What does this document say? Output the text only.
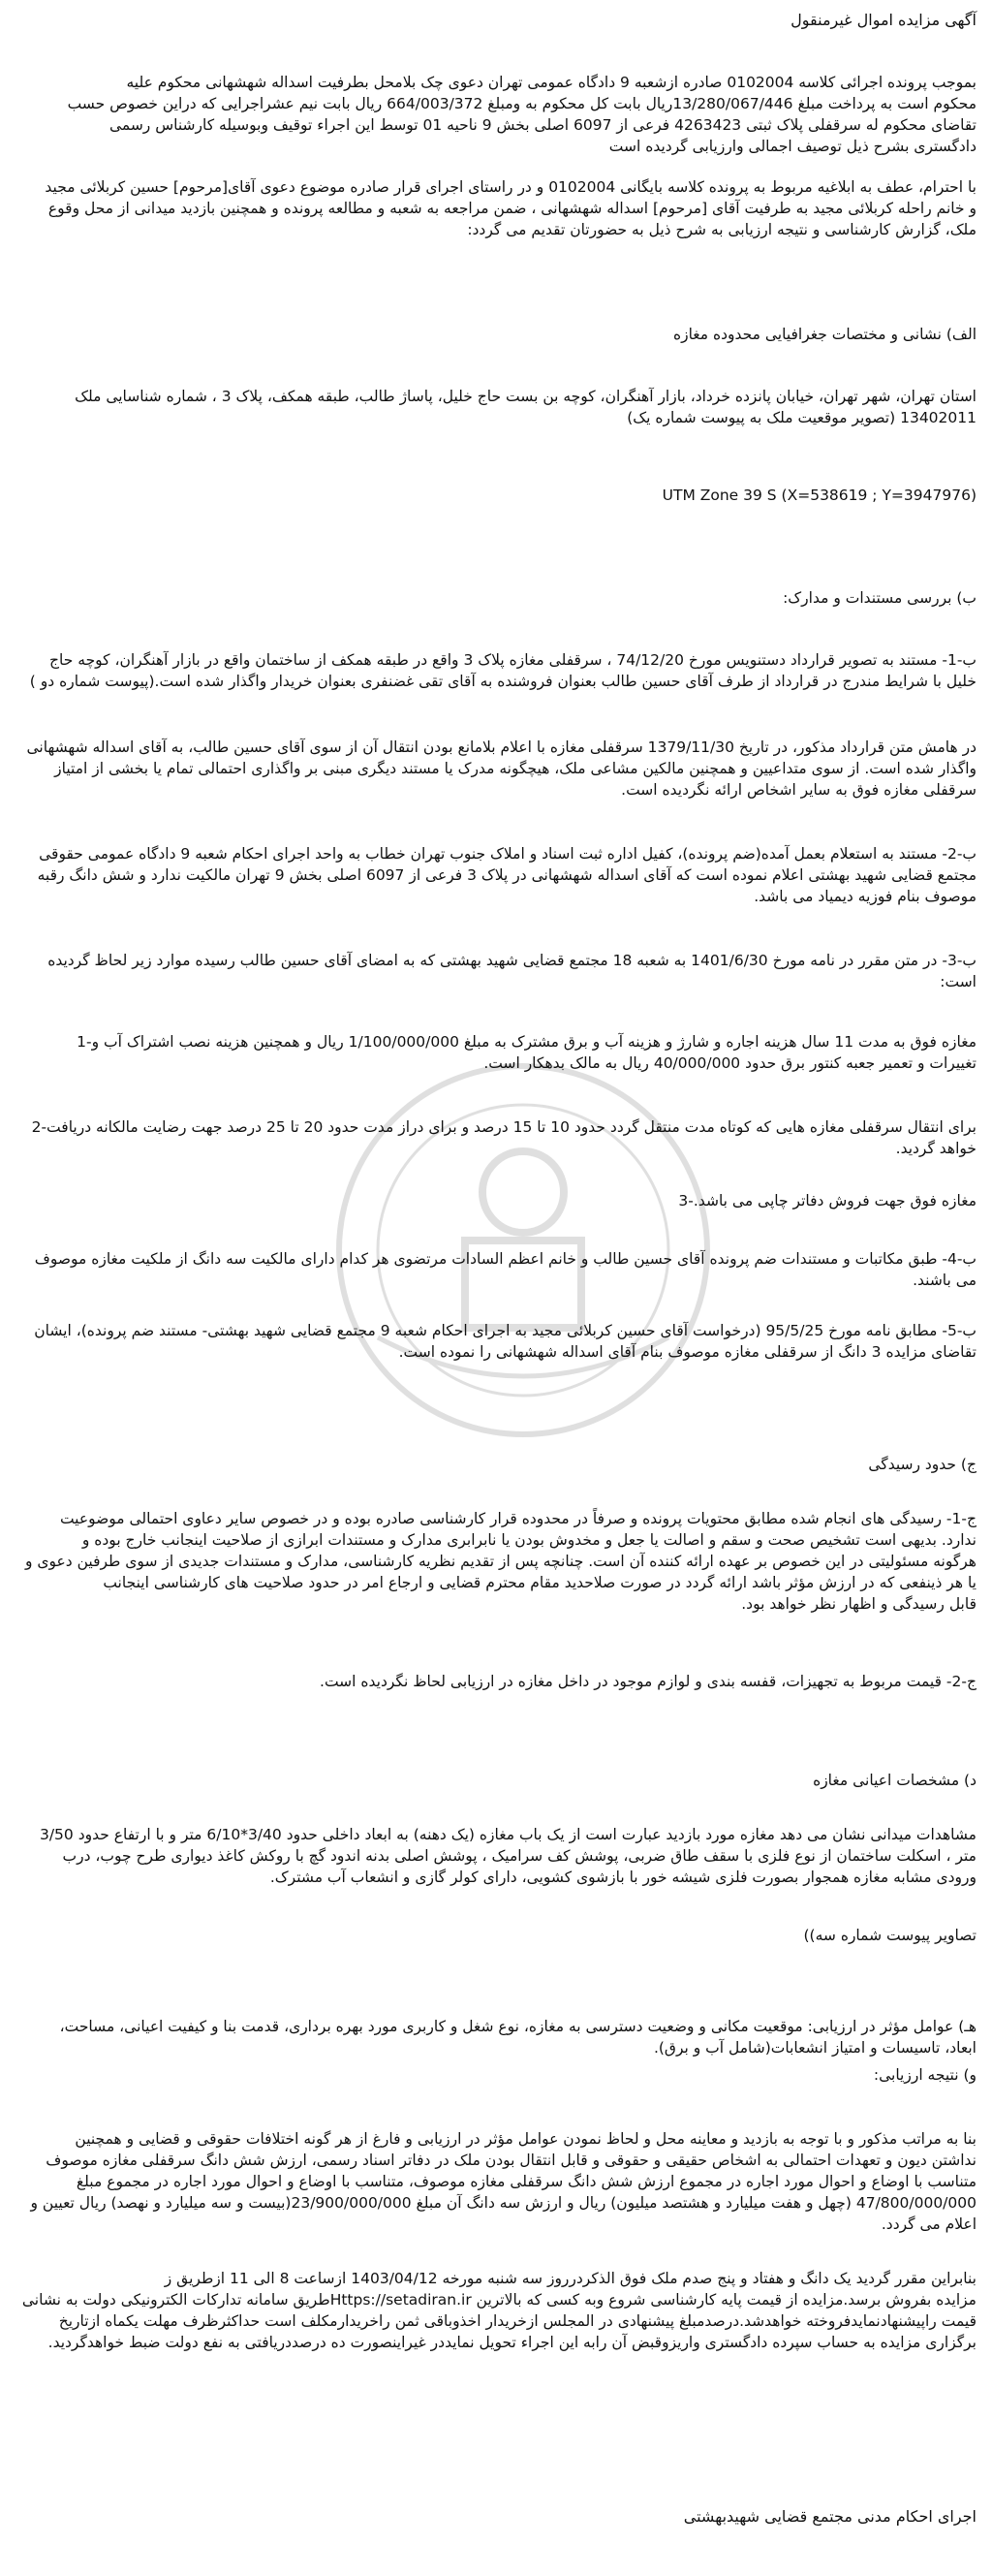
آگهی مزایده اموال غیرمنقول
بموجب پرونده اجرائی کلاسه 0102004 صادره ازشعبه 9 دادگاه عمومی تهران دعوی چک بلامحل بطرفیت اسداله شهشهانی محکوم علیه
محکوم است به پرداخت مبلغ 13/280/067/446ریال بابت کل محکوم به ومبلغ 664/003/372 ریال بابت نیم عشراجرایی که دراین خصوص حسب
تقاضای محکوم له سرقفلی پلاک ثبتی 4263423 فرعی از 6097 اصلی بخش 9 ناحیه 01 توسط این اجراء توقیف وبوسیله کارشناس رسمی
دادگستری بشرح ذیل توصیف اجمالی وارزیابی گردیده است
با احترام، عطف به ابلاغیه مربوط به پرونده کلاسه بایگانی 0102004 و در راستای اجرای قرار صادره موضوع دعوی آقای[مرحوم] حسین کربلائی مجید
و خانم راحله کربلائی مجید به طرفیت آقای [مرحوم] اسداله شهشهانی ، ضمن مراجعه به شعبه و مطالعه پرونده و همچنین بازدید میدانی از محل وقوع
ملک، گزارش کارشناسی و نتیجه ارزیابی به شرح ذیل به حضورتان تقدیم می گردد:
الف) نشانی و مختصات جغرافیایی محدوده مغازه
استان تهران، شهر تهران، خیابان پانزده خرداد، بازار آهنگران، کوچه بن بست حاج خلیل، پاساژ طالب، طبقه همکف، پلاک 3 ، شماره شناسایی ملک
13402011 (تصویر موقعیت ملک به پیوست شماره یک)
UTM Zone 39 S (X=538619 ; Y=3947976)
ب) بررسی مستندات و مدارک:
ب-1- مستند به تصویر قرارداد دستنویس مورخ 74/12/20 ، سرقفلی مغازه پلاک 3 واقع در طبقه همکف از ساختمان واقع در بازار آهنگران، کوچه حاج
خلیل با شرایط مندرج در قرارداد از طرف آقای حسین طالب بعنوان فروشنده به آقای تقی غضنفری بعنوان خریدار واگذار شده است.(پیوست شماره دو )
در هامش متن قرارداد مذکور، در تاریخ 1379/11/30 سرقفلی مغازه با اعلام بلامانع بودن انتقال آن از سوی آقای حسین طالب، به آقای اسداله شهشهانی
واگذار شده است. از سوی متداعیین و همچنین مالکین مشاعی ملک، هیچگونه مدرک یا مستند دیگری مبنی بر واگذاری احتمالی تمام یا بخشی از امتیاز
سرقفلی مغازه فوق به سایر اشخاص ارائه نگردیده است.
ب-2- مستند به استعلام بعمل آمده(ضم پرونده)، کفیل اداره ثبت اسناد و املاک جنوب تهران خطاب به واحد اجرای احکام شعبه 9 دادگاه عمومی حقوقی
مجتمع قضایی شهید بهشتی اعلام نموده است که آقای اسداله شهشهانی در پلاک 3 فرعی از 6097 اصلی بخش 9 تهران مالکیت ندارد و شش دانگ رقبه
موصوف بنام فوزیه دیمیاد می باشد.
ب-3- در متن مقرر در نامه مورخ 1401/6/30 به شعبه 18 مجتمع قضایی شهید بهشتی که به امضای آقای حسین طالب رسیده موارد زیر لحاظ گردیده
است:
مغازه فوق به مدت 11 سال هزینه اجاره و شارژ و هزینه آب و برق مشترک به مبلغ 1/100/000/000 ریال و همچنین هزینه نصب اشتراک آب و-1
تغییرات و تعمیر جعبه کنتور برق حدود 40/000/000 ریال به مالک بدهکار است.
برای انتقال سرقفلی مغازه هایی که کوتاه مدت منتقل گردد حدود 10 تا 15 درصد و برای دراز مدت حدود 20 تا 25 درصد جهت رضایت مالکانه دریافت-2
خواهد گردید.
مغازه فوق جهت فروش دفاتر چاپی می باشد.-3
ب-4- طبق مکاتبات و مستندات ضم پرونده آقای حسین طالب و خانم اعظم السادات مرتضوی هر کدام دارای مالکیت سه دانگ از ملکیت مغازه موصوف
می باشند.
ب-5- مطابق نامه مورخ 95/5/25 (درخواست آقای حسین کربلائی مجید به اجرای احکام شعبه 9 مجتمع قضایی شهید بهشتی- مستند ضم پرونده)، ایشان
تقاضای مزایده 3 دانگ از سرقفلی مغازه موصوف بنام آقای اسداله شهشهانی را نموده است.
ج) حدود رسیدگی
ج-1- رسیدگی های انجام شده مطابق محتویات پرونده و صرفاً در محدوده قرار کارشناسی صادره بوده و در خصوص سایر دعاوی احتمالی موضوعیت
ندارد. بدیهی است تشخیص صحت و سقم و اصالت یا جعل و مخدوش بودن یا نابرابری مدارک و مستندات ابرازی از صلاحیت اینجانب خارج بوده و
هرگونه مسئولیتی در این خصوص بر عهده ارائه کننده آن است. چنانچه پس از تقدیم نظریه کارشناسی، مدارک و مستندات جدیدی از سوی طرفین دعوی و
یا هر ذینفعی که در ارزش مؤثر باشد ارائه گردد در صورت صلاحدید مقام محترم قضایی و ارجاع امر در حدود صلاحیت های کارشناسی اینجانب
قابل رسیدگی و اظهار نظر خواهد بود.
ج-2- قیمت مربوط به تجهیزات، قفسه بندی و لوازم موجود در داخل مغازه در ارزیابی لحاظ نگردیده است.
د) مشخصات اعیانی مغازه
مشاهدات میدانی نشان می دهد مغازه مورد بازدید عبارت است از یک باب مغازه (یک دهنه) به ابعاد داخلی حدود 3/40*6/10 متر و با ارتفاع حدود 3/50
متر ، اسکلت ساختمان از نوع فلزی با سقف طاق ضربی، پوشش کف سرامیک ، پوشش اصلی بدنه اندود گچ با روکش کاغذ دیواری طرح چوب، درب
ورودی مشابه مغازه همجوار بصورت فلزی شیشه خور با بازشوی کشویی، دارای کولر گازی و انشعاب آب مشترک.
تصاویر پیوست شماره سه))
هـ) عوامل مؤثر در ارزیابی: موقعیت مکانی و وضعیت دسترسی به مغازه، نوع شغل و کاربری مورد بهره برداری، قدمت بنا و کیفیت اعیانی، مساحت،
ابعاد، تاسیسات و امتیاز انشعابات(شامل آب و برق).
و) نتیجه ارزیابی:
بنا به مراتب مذکور و با توجه به بازدید و معاینه محل و لحاظ نمودن عوامل مؤثر در ارزیابی و فارغ از هر گونه اختلافات حقوقی و قضایی و همچنین
نداشتن دیون و تعهدات احتمالی به اشخاص حقیقی و حقوقی و قابل انتقال بودن ملک در دفاتر اسناد رسمی، ارزش شش دانگ سرقفلی مغازه موصوف
متناسب با اوضاع و احوال مورد اجاره در مجموع ارزش شش دانگ سرقفلی مغازه موصوف، متناسب با اوضاع و احوال مورد اجاره در مجموع مبلغ
47/800/000/000 (چهل و هفت میلیارد و هشتصد میلیون) ریال و ارزش سه دانگ آن مبلغ 23/900/000/000(بیست و سه میلیارد و نهصد) ریال تعیین و
اعلام می گردد.
بنابراین مقرر گردید یک دانگ و هفتاد و پنج صدم ملک فوق الذکردرروز سه شنبه مورخه 1403/04/12 ازساعت 8 الی 11 ازطریق ز
مزایده بفروش برسد.مزایده از قیمت پایه کارشناسی شروع وبه کسی که بالاترین Https://setadiran.irطریق سامانه تدارکات الکترونیکی دولت به نشانی
قیمت راپیشنهادنمایدفروخته خواهدشد.درصدمبلغ پیشنهادی در المجلس ازخریدار اخذوباقی ثمن راخریدارمکلف است حداکثرظرف مهلت یکماه ازتاریخ
برگزاری مزایده به حساب سپرده دادگستری واریزوقبض آن رابه این اجراء تحویل نمایددر غیراینصورت ده درصددریافتی به نفع دولت ضبط خواهدگردید.
اجرای احکام مدنی مجتمع قضایی شهیدبهشتی
